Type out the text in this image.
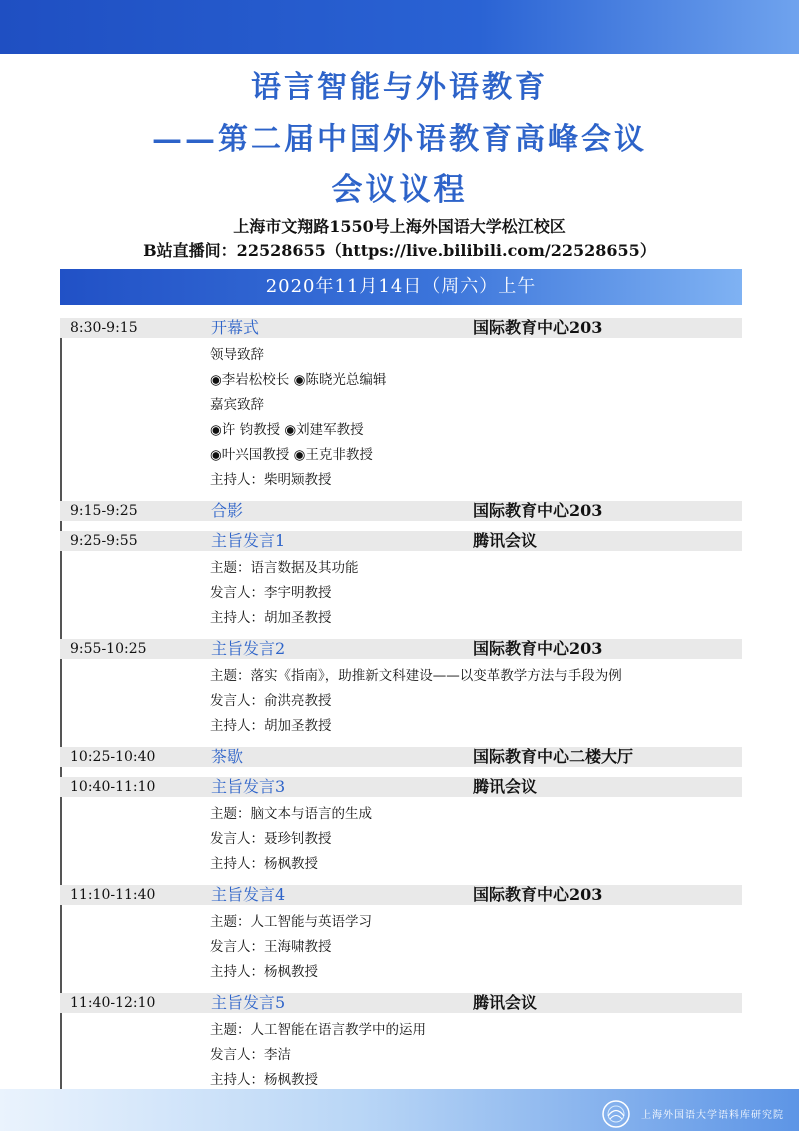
语言智能与外语教育
——第二届中国外语教育高峰会议
会议议程
上海市文翔路1550号上海外国语大学松江校区
B站直播间：22528655（https://live.bilibili.com/22528655）
2020年11月14日（周六）上午
8:30-9:15	开幕式	国际教育中心203
领导致辞
◉李岩松校长 ◉陈晓光总编辑
嘉宾致辞
◉许 钧教授 ◉刘建军教授
◉叶兴国教授 ◉王克非教授
主持人：柴明颎教授
9:15-9:25	合影	国际教育中心203
9:25-9:55	主旨发言1	腾讯会议
主题：语言数据及其功能
发言人：李宇明教授
主持人：胡加圣教授
9:55-10:25	主旨发言2	国际教育中心203
主题：落实《指南》，助推新文科建设——以变革教学方法与手段为例
发言人：俞洪亮教授
主持人：胡加圣教授
10:25-10:40	茶歇	国际教育中心二楼大厅
10:40-11:10	主旨发言3	腾讯会议
主题：脑文本与语言的生成
发言人：聂珍钊教授
主持人：杨枫教授
11:10-11:40	主旨发言4	国际教育中心203
主题：人工智能与英语学习
发言人：王海啸教授
主持人：杨枫教授
11:40-12:10	主旨发言5	腾讯会议
主题：人工智能在语言教学中的运用
发言人：李洁
主持人：杨枫教授
上海外国语大学语料库研究院
